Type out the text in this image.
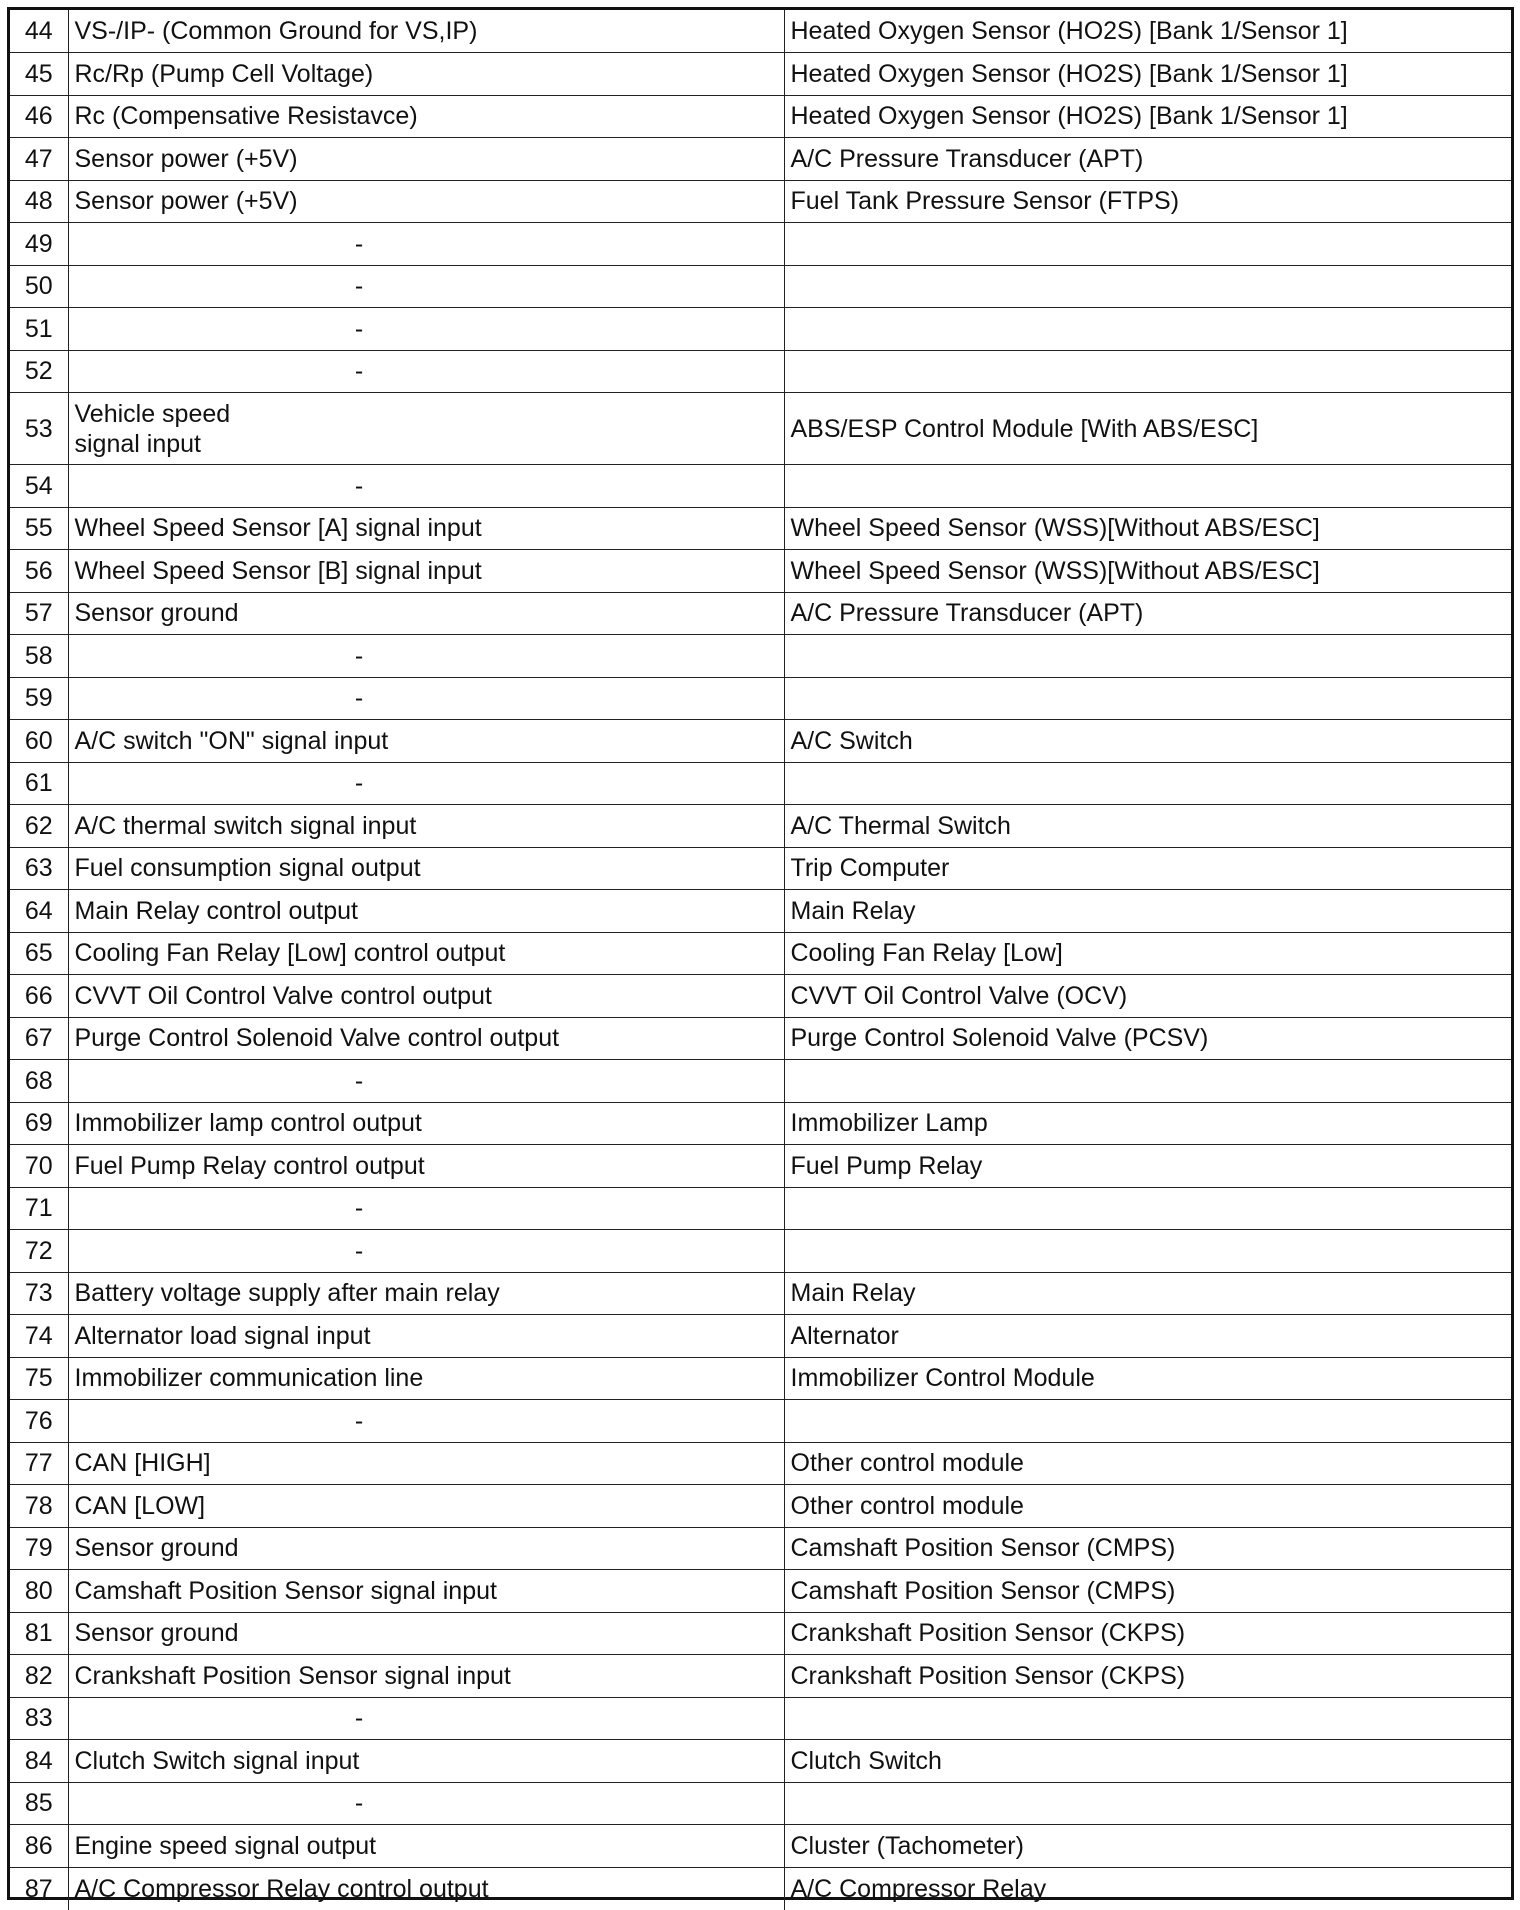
44	VS-/IP- (Common Ground for VS,IP)	Heated Oxygen Sensor (HO2S) [Bank 1/Sensor 1]
45	Rc/Rp (Pump Cell Voltage)	Heated Oxygen Sensor (HO2S) [Bank 1/Sensor 1]
46	Rc (Compensative Resistavce)	Heated Oxygen Sensor (HO2S) [Bank 1/Sensor 1]
47	Sensor power (+5V)	A/C Pressure Transducer (APT)
48	Sensor power (+5V)	Fuel Tank Pressure Sensor (FTPS)
49	-	
50	-	
51	-	
52	-	
53	Vehicle speed
signal input	ABS/ESP Control Module [With ABS/ESC]
54	-	
55	Wheel Speed Sensor [A] signal input	Wheel Speed Sensor (WSS)[Without ABS/ESC]
56	Wheel Speed Sensor [B] signal input	Wheel Speed Sensor (WSS)[Without ABS/ESC]
57	Sensor ground	A/C Pressure Transducer (APT)
58	-	
59	-	
60	A/C switch "ON" signal input	A/C Switch
61	-	
62	A/C thermal switch signal input	A/C Thermal Switch
63	Fuel consumption signal output	Trip Computer
64	Main Relay control output	Main Relay
65	Cooling Fan Relay [Low] control output	Cooling Fan Relay [Low]
66	CVVT Oil Control Valve control output	CVVT Oil Control Valve (OCV)
67	Purge Control Solenoid Valve control output	Purge Control Solenoid Valve (PCSV)
68	-	
69	Immobilizer lamp control output	Immobilizer Lamp
70	Fuel Pump Relay control output	Fuel Pump Relay
71	-	
72	-	
73	Battery voltage supply after main relay	Main Relay
74	Alternator load signal input	Alternator
75	Immobilizer communication line	Immobilizer Control Module
76	-	
77	CAN [HIGH]	Other control module
78	CAN [LOW]	Other control module
79	Sensor ground	Camshaft Position Sensor (CMPS)
80	Camshaft Position Sensor signal input	Camshaft Position Sensor (CMPS)
81	Sensor ground	Crankshaft Position Sensor (CKPS)
82	Crankshaft Position Sensor signal input	Crankshaft Position Sensor (CKPS)
83	-	
84	Clutch Switch signal input	Clutch Switch
85	-	
86	Engine speed signal output	Cluster (Tachometer)
87	A/C Compressor Relay control output	A/C Compressor Relay
